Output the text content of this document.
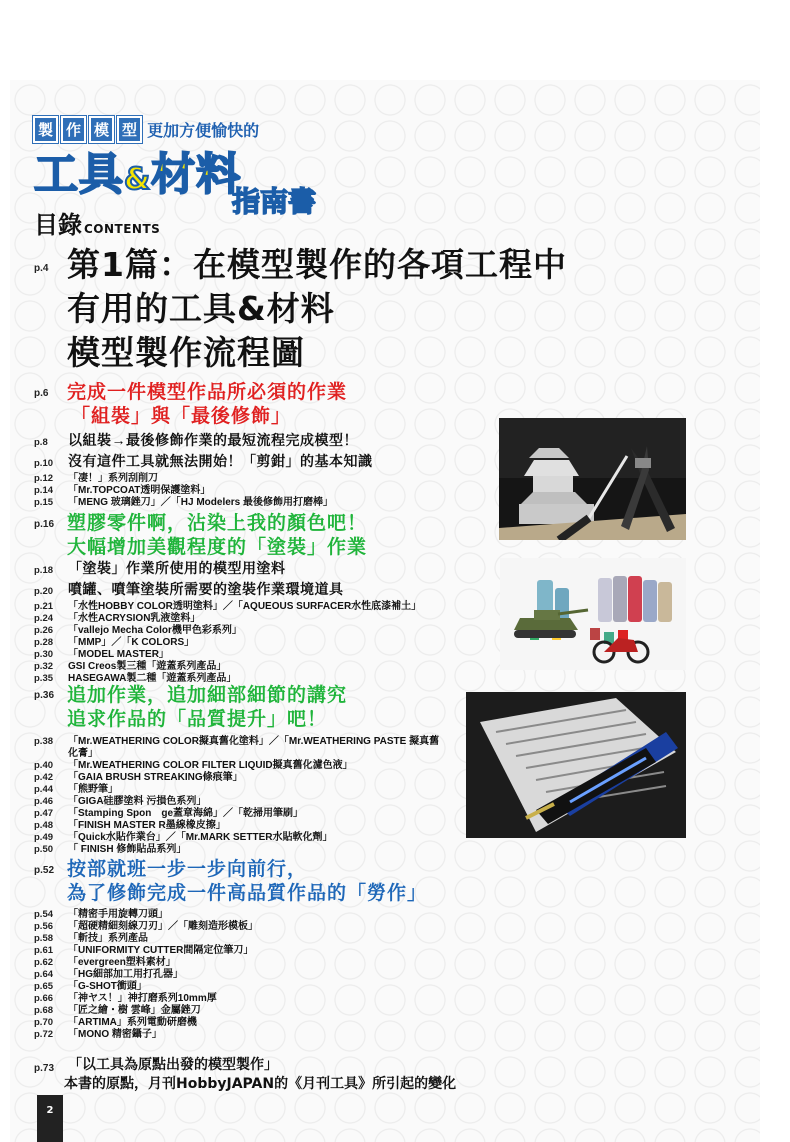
製 作 模 型 更加方便愉快的
工具&材料
指南書
目錄 CONTENTS
p.4 第1篇：在模型製作的各項工程中
有用的工具&材料
模型製作流程圖
p.6 完成一件模型作品所必須的作業
「組裝」與「最後修飾」
p.8	以組裝→最後修飾作業的最短流程完成模型！
p.10	沒有這件工具就無法開始！「剪鉗」的基本知識
p.12	「凄！」系列刮削刀
p.14	「Mr.TOPCOAT透明保護塗料」
p.15	「MENG 玻璃銼刀」／「HJ Modelers 最後修飾用打磨棒」
p.16 塑膠零件啊，沾染上我的顏色吧！
大幅增加美觀程度的「塗裝」作業
p.18	「塗裝」作業所使用的模型用塗料
p.20	噴罐、噴筆塗裝所需要的塗裝作業環境道具
p.21	「水性HOBBY COLOR透明塗料」／「AQUEOUS SURFACER水性底漆補土」
p.24	「水性ACRYSION乳液塗料」
p.26	「vallejo Mecha Color機甲色彩系列」
p.28	「MMP」／「K COLORS」
p.30	「MODEL MASTER」
p.32	GSI Creos製三種「遊蓋系列產品」
p.35	HASEGAWA製二種「遊蓋系列產品」
p.36 追加作業，追加細部細節的講究
追求作品的「品質提升」吧！
p.38	「Mr.WEATHERING COLOR擬真舊化塗料」／「Mr.WEATHERING PASTE 擬真舊化膏」
p.40	「Mr.WEATHERING COLOR FILTER LIQUID擬真舊化濾色液」
p.42	「GAIA BRUSH STREAKING條痕筆」
p.44	「熊野筆」
p.46	「GIGA硅膠塗料 污損色系列」
p.47	「Stamping Spon　ge蓋章海綿」／「乾掃用筆刷」
p.48	「FINISH MASTER R墨線橡皮擦」
p.49	「Quick水貼作業台」／「Mr.MARK SETTER水貼軟化劑」
p.50	「 FINISH 修飾貼品系列」
p.52 按部就班一步一步向前行，
為了修飾完成一件高品質作品的「勞作」
p.54	「精密手用旋轉刀頭」
p.56	「超硬精細刻線刀刃」／「雕刻造形模板」
p.58	「斬技」系列產品
p.61	「UNIFORMITY CUTTER間隔定位筆刀」
p.62	「evergreen塑料素材」
p.64	「HG細部加工用打孔器」
p.65	「G-SHOT衝頭」
p.66	「神ヤス！」神打磨系列10mm厚
p.68	「匠之繪・樹 雲峰」金屬銼刀
p.70	「ARTIMA」系列電動研磨機
p.72	「MONO 精密鑷子」
p.73 「以工具為原點出發的模型製作」
本書的原點，月刊HobbyJAPAN的《月刊工具》所引起的變化
2
